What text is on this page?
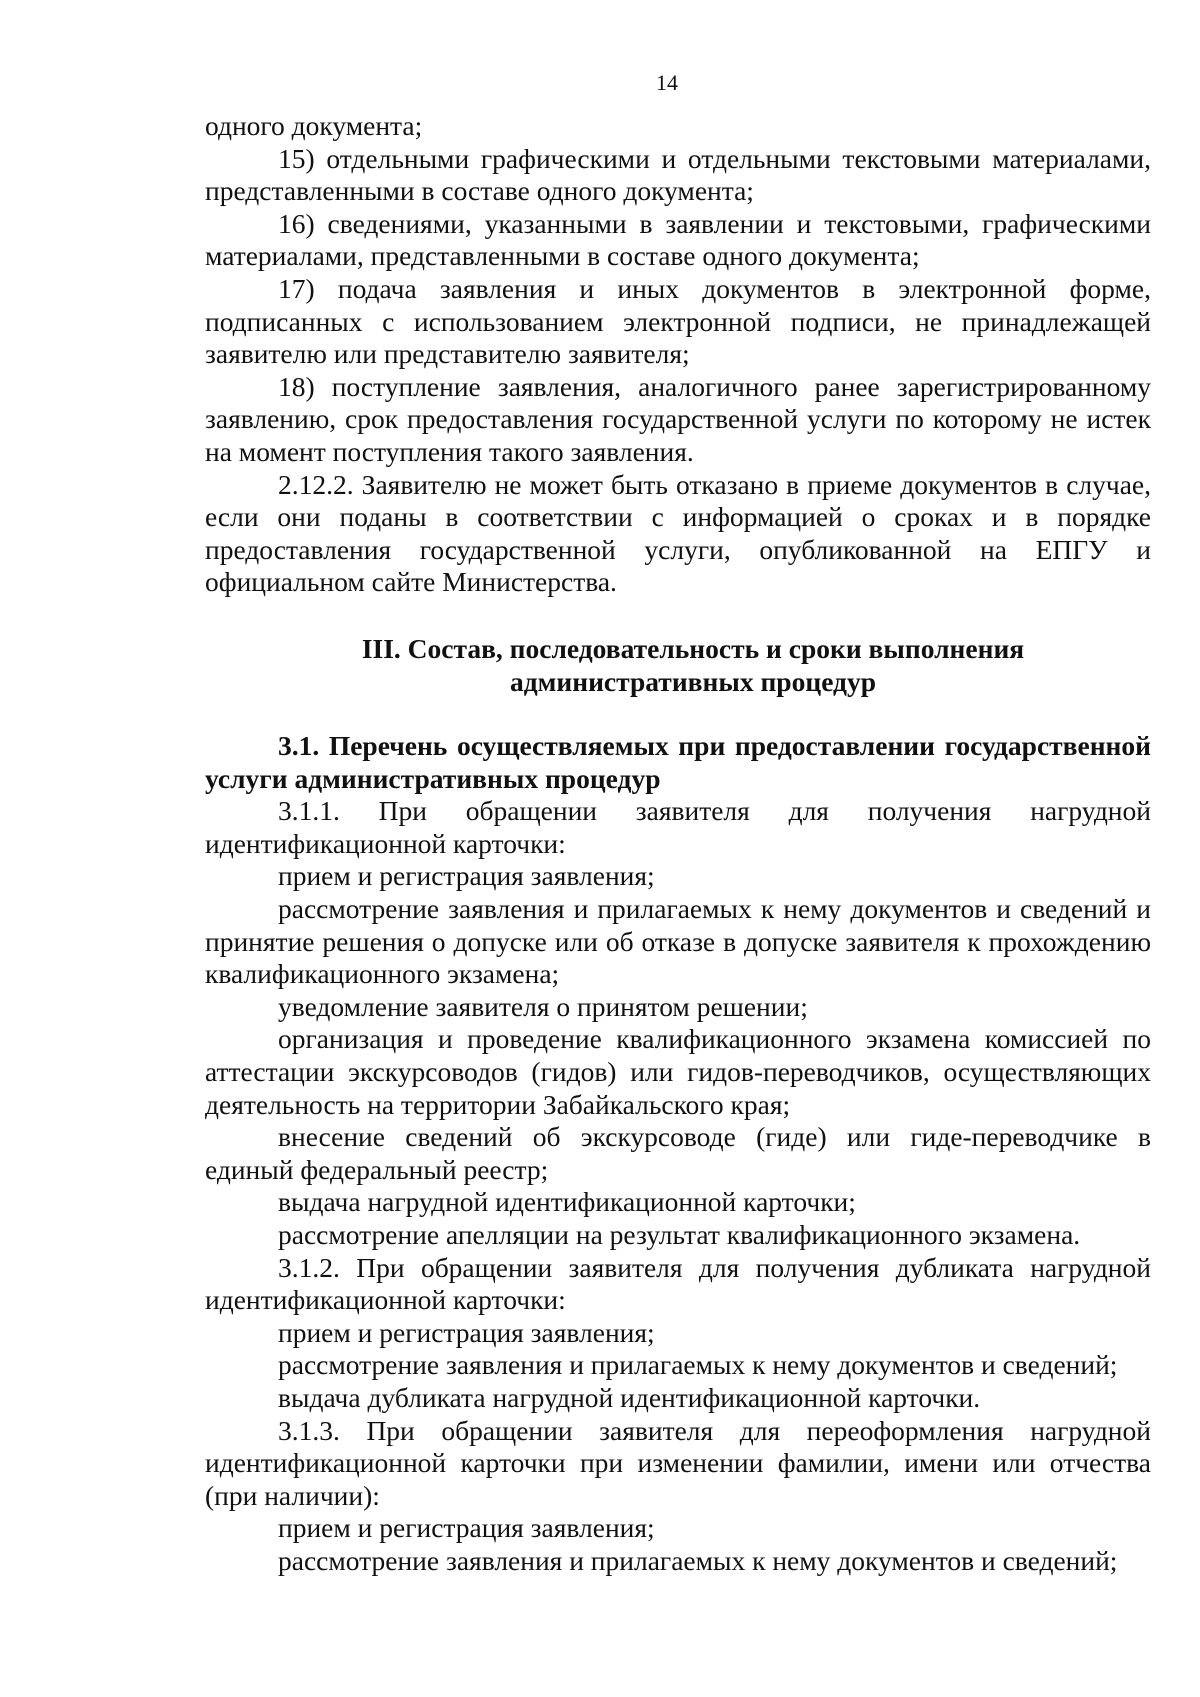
14

одного документа;

15) отдельными графическими и отдельными текстовыми материалами, представленными в составе одного документа;

16) сведениями, указанными в заявлении и текстовыми, графическими материалами, представленными в составе одного документа;

17) подача заявления и иных документов в электронной форме, подписанных с использованием электронной подписи, не принадлежащей заявителю или представителю заявителя;

18) поступление заявления, аналогичного ранее зарегистрированному заявлению, срок предоставления государственной услуги по которому не истек на момент поступления такого заявления.

2.12.2. Заявителю не может быть отказано в приеме документов в случае, если они поданы в соответствии с информацией о сроках и в порядке предоставления государственной услуги, опубликованной на ЕПГУ и официальном сайте Министерства.

III. Состав, последовательность и сроки выполнения административных процедур

3.1. Перечень осуществляемых при предоставлении государственной услуги административных процедур

3.1.1. При обращении заявителя для получения нагрудной идентификационной карточки:

прием и регистрация заявления;

рассмотрение заявления и прилагаемых к нему документов и сведений и принятие решения о допуске или об отказе в допуске заявителя к прохождению квалификационного экзамена;

уведомление заявителя о принятом решении;

организация и проведение квалификационного экзамена комиссией по аттестации экскурсоводов (гидов) или гидов-переводчиков, осуществляющих деятельность на территории Забайкальского края;

внесение сведений об экскурсоводе (гиде) или гиде-переводчике в единый федеральный реестр;

выдача нагрудной идентификационной карточки;

рассмотрение апелляции на результат квалификационного экзамена.

3.1.2. При обращении заявителя для получения дубликата нагрудной идентификационной карточки:

прием и регистрация заявления;

рассмотрение заявления и прилагаемых к нему документов и сведений;

выдача дубликата нагрудной идентификационной карточки.

3.1.3. При обращении заявителя для переоформления нагрудной идентификационной карточки при изменении фамилии, имени или отчества (при наличии):

прием и регистрация заявления;

рассмотрение заявления и прилагаемых к нему документов и сведений;
